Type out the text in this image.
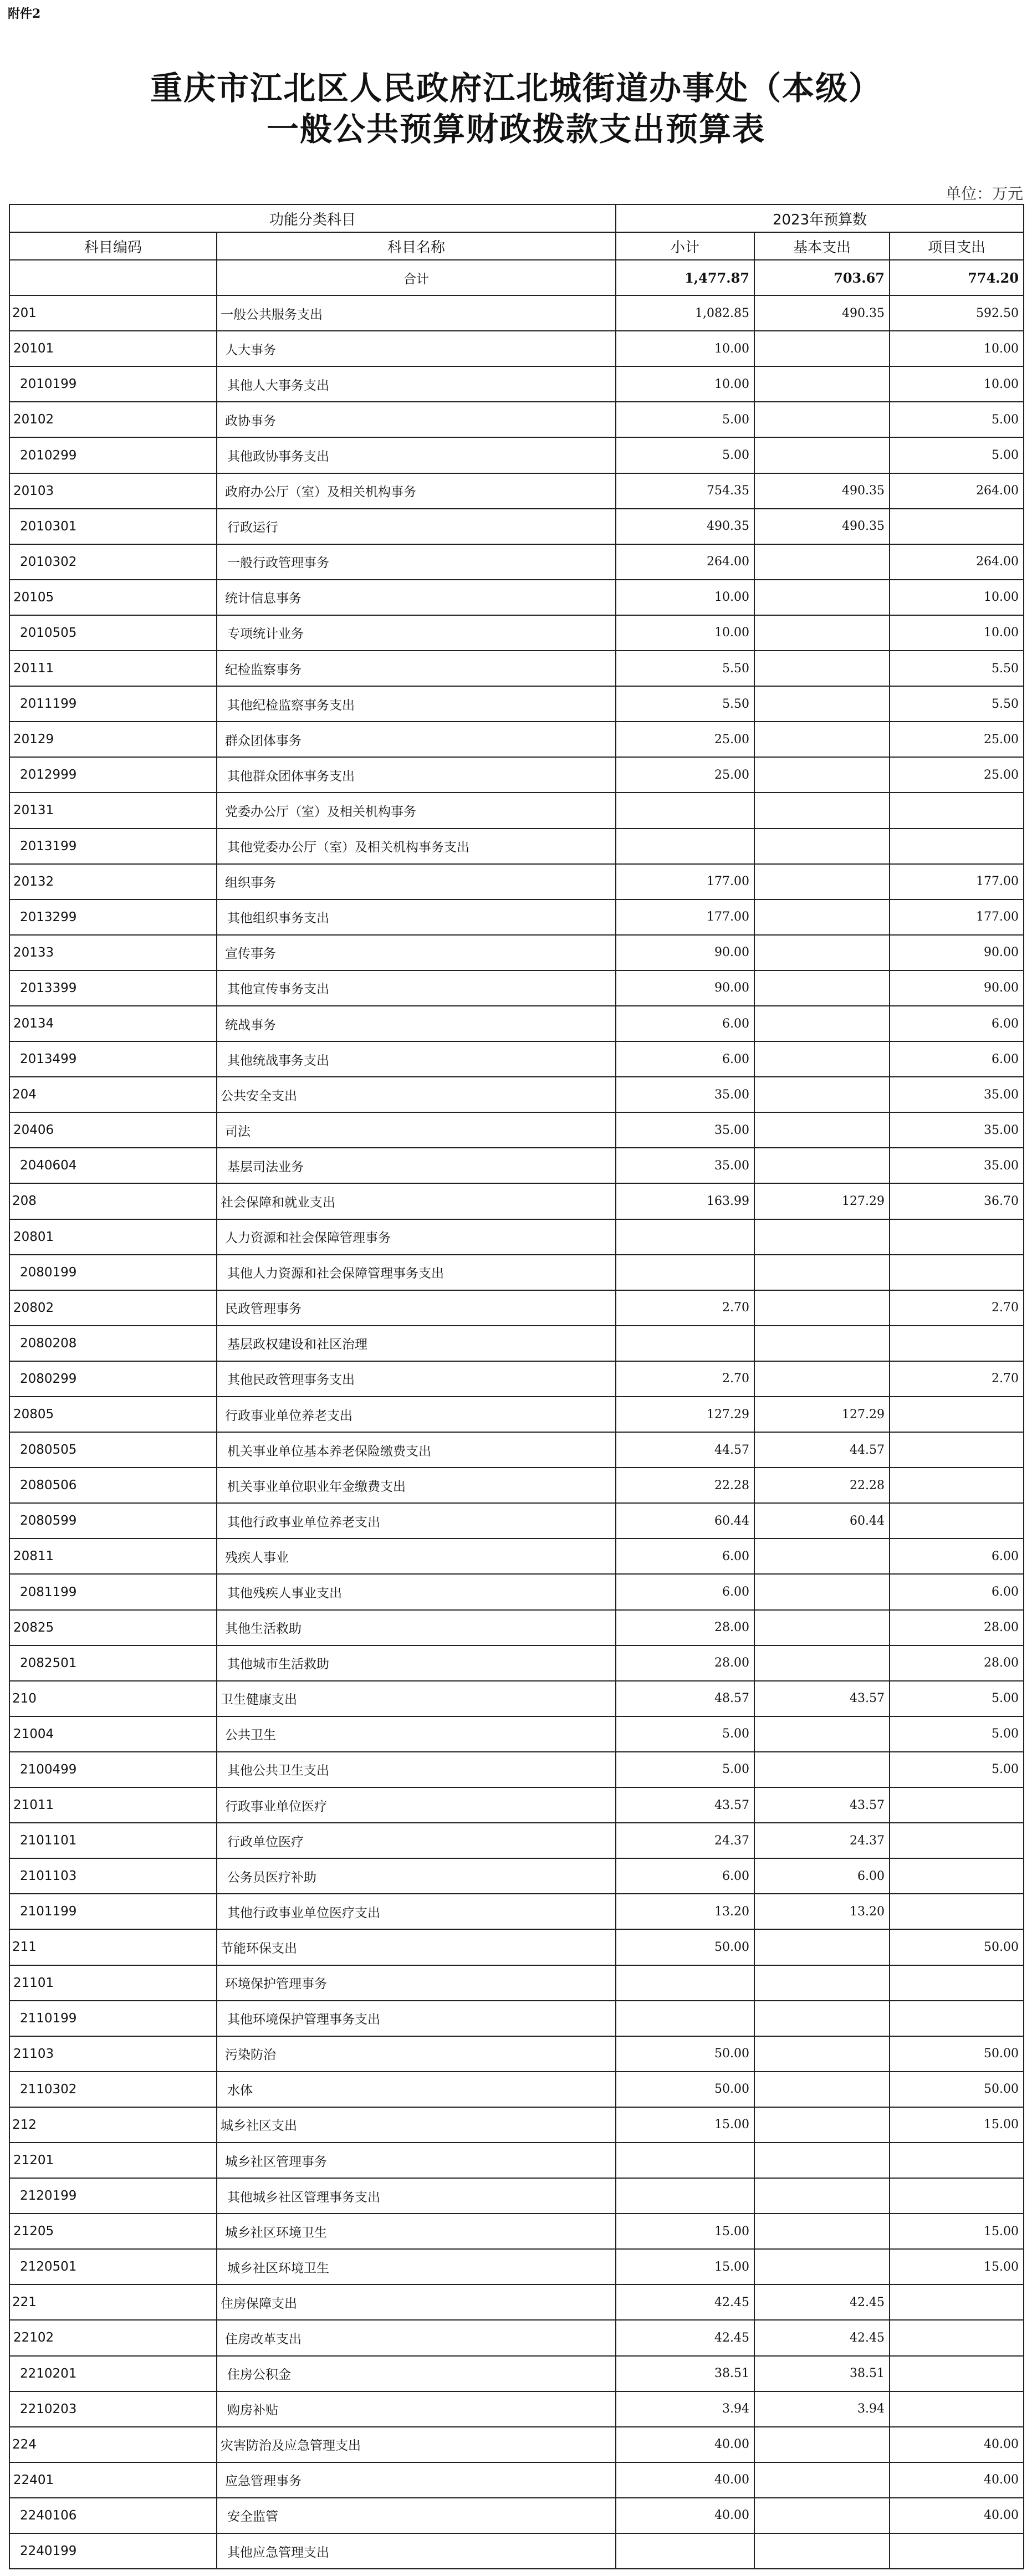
附件2
重庆市江北区人民政府江北城街道办事处（本级）
一般公共预算财政拨款支出预算表
单位：万元
功能分类科目		2023年预算数		
科目编码	科目名称	小计	基本支出	项目支出
	合计	1,477.87	703.67	774.20
201	一般公共服务支出	1,082.85	490.35	592.50
20101	人大事务	10.00		10.00
2010199	其他人大事务支出	10.00		10.00
20102	政协事务	5.00		5.00
2010299	其他政协事务支出	5.00		5.00
20103	政府办公厅（室）及相关机构事务	754.35	490.35	264.00
2010301	行政运行	490.35	490.35	
2010302	一般行政管理事务	264.00		264.00
20105	统计信息事务	10.00		10.00
2010505	专项统计业务	10.00		10.00
20111	纪检监察事务	5.50		5.50
2011199	其他纪检监察事务支出	5.50		5.50
20129	群众团体事务	25.00		25.00
2012999	其他群众团体事务支出	25.00		25.00
20131	党委办公厅（室）及相关机构事务			
2013199	其他党委办公厅（室）及相关机构事务支出			
20132	组织事务	177.00		177.00
2013299	其他组织事务支出	177.00		177.00
20133	宣传事务	90.00		90.00
2013399	其他宣传事务支出	90.00		90.00
20134	统战事务	6.00		6.00
2013499	其他统战事务支出	6.00		6.00
204	公共安全支出	35.00		35.00
20406	司法	35.00		35.00
2040604	基层司法业务	35.00		35.00
208	社会保障和就业支出	163.99	127.29	36.70
20801	人力资源和社会保障管理事务			
2080199	其他人力资源和社会保障管理事务支出			
20802	民政管理事务	2.70		2.70
2080208	基层政权建设和社区治理			
2080299	其他民政管理事务支出	2.70		2.70
20805	行政事业单位养老支出	127.29	127.29	
2080505	机关事业单位基本养老保险缴费支出	44.57	44.57	
2080506	机关事业单位职业年金缴费支出	22.28	22.28	
2080599	其他行政事业单位养老支出	60.44	60.44	
20811	残疾人事业	6.00		6.00
2081199	其他残疾人事业支出	6.00		6.00
20825	其他生活救助	28.00		28.00
2082501	其他城市生活救助	28.00		28.00
210	卫生健康支出	48.57	43.57	5.00
21004	公共卫生	5.00		5.00
2100499	其他公共卫生支出	5.00		5.00
21011	行政事业单位医疗	43.57	43.57	
2101101	行政单位医疗	24.37	24.37	
2101103	公务员医疗补助	6.00	6.00	
2101199	其他行政事业单位医疗支出	13.20	13.20	
211	节能环保支出	50.00		50.00
21101	环境保护管理事务			
2110199	其他环境保护管理事务支出			
21103	污染防治	50.00		50.00
2110302	水体	50.00		50.00
212	城乡社区支出	15.00		15.00
21201	城乡社区管理事务			
2120199	其他城乡社区管理事务支出			
21205	城乡社区环境卫生	15.00		15.00
2120501	城乡社区环境卫生	15.00		15.00
221	住房保障支出	42.45	42.45	
22102	住房改革支出	42.45	42.45	
2210201	住房公积金	38.51	38.51	
2210203	购房补贴	3.94	3.94	
224	灾害防治及应急管理支出	40.00		40.00
22401	应急管理事务	40.00		40.00
2240106	安全监管	40.00		40.00
2240199	其他应急管理支出			
